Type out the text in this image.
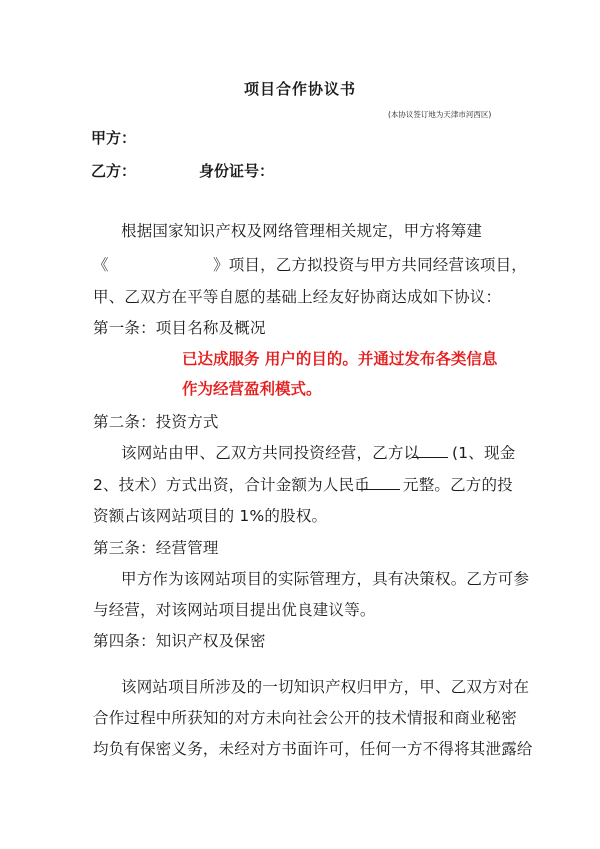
项目合作协议书
(本协议签订地为天津市河西区)
甲方：
乙方：	身份证号：
根据国家知识产权及网络管理相关规定，甲方将筹建
《	》项目，乙方拟投资与甲方共同经营该项目，
甲、乙双方在平等自愿的基础上经友好协商达成如下协议：
第一条：项目名称及概况
已达成服务 用户的目的。并通过发布各类信息
作为经营盈利模式。
第二条：投资方式
该网站由甲、乙双方共同投资经营，乙方以 (1、现金
2、技术）方式出资，合计金额为人民币 元整。乙方的投
资额占该网站项目的 1%的股权。
第三条：经营管理
甲方作为该网站项目的实际管理方，具有决策权。乙方可参
与经营，对该网站项目提出优良建议等。
第四条：知识产权及保密
该网站项目所涉及的一切知识产权归甲方，甲、乙双方对在
合作过程中所获知的对方未向社会公开的技术情报和商业秘密
均负有保密义务，未经对方书面许可，任何一方不得将其泄露给
